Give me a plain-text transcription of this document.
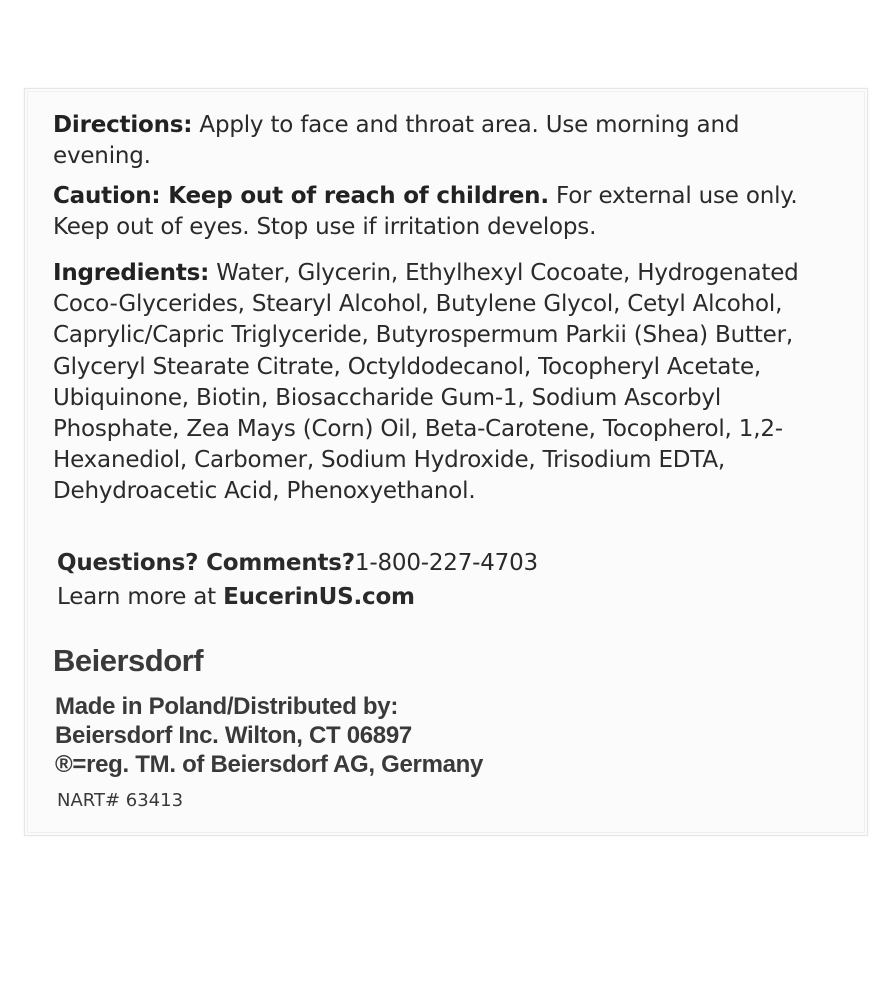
Directions: Apply to face and throat area. Use morning and evening.
Caution: Keep out of reach of children. For external use only. Keep out of eyes. Stop use if irritation develops.
Ingredients: Water, Glycerin, Ethylhexyl Cocoate, Hydrogenated Coco-Glycerides, Stearyl Alcohol, Butylene Glycol, Cetyl Alcohol, Caprylic/Capric Triglyceride, Butyrospermum Parkii (Shea) Butter, Glyceryl Stearate Citrate, Octyldodecanol, Tocopheryl Acetate, Ubiquinone, Biotin, Biosaccharide Gum-1, Sodium Ascorbyl Phosphate, Zea Mays (Corn) Oil, Beta-Carotene, Tocopherol, 1,2-Hexanediol, Carbomer, Sodium Hydroxide, Trisodium EDTA, Dehydroacetic Acid, Phenoxyethanol.
Questions? Comments?1-800-227-4703
Learn more at EucerinUS.com
Beiersdorf
Made in Poland/Distributed by:
Beiersdorf Inc. Wilton, CT 06897
®=reg. TM. of Beiersdorf AG, Germany
NART# 63413
